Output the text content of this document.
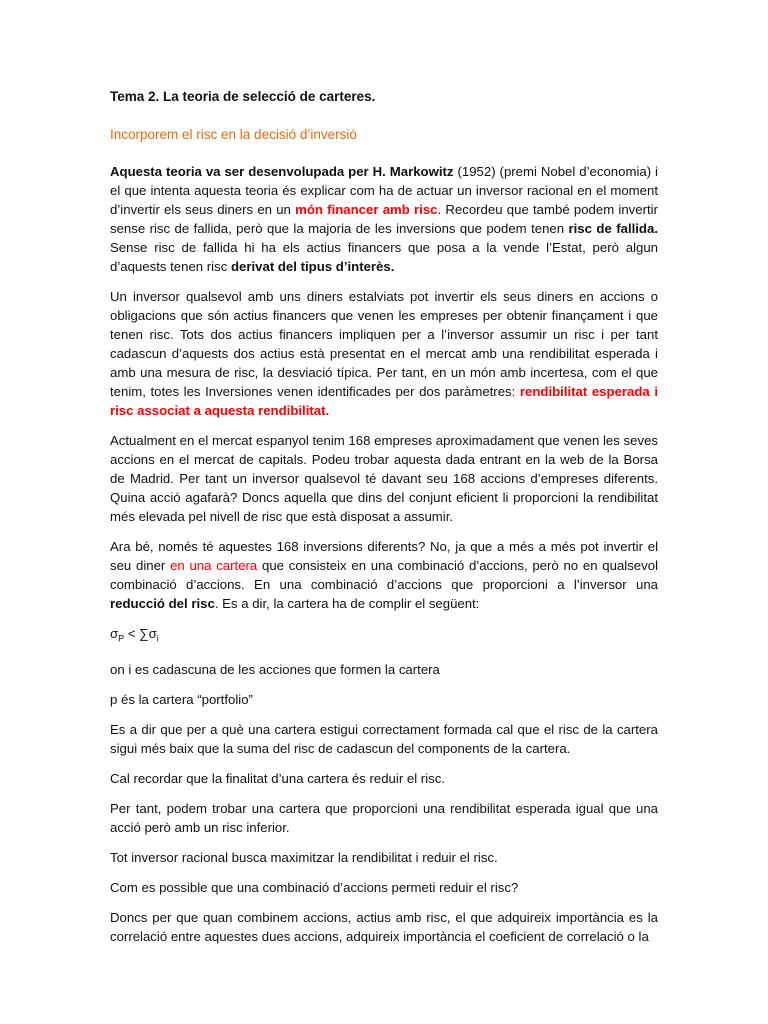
Tema 2. La teoria de selecció de carteres.
Incorporem el risc en la decisió d’inversió

Aquesta teoria va ser desenvolupada per H. Markowitz (1952) (premi Nobel d’economia) i el que intenta aquesta teoria és explicar com ha de actuar un inversor racional en el moment d’invertir els seus diners en un món financer amb risc. Recordeu que també podem invertir sense risc de fallida, però que la majoria de les inversions que podem tenen risc de fallida. Sense risc de fallida hi ha els actius financers que posa a la vende l’Estat, però algun d’aquests tenen risc derivat del tipus d’interès.

Un inversor qualsevol amb uns diners estalviats pot invertir els seus diners en accions o obligacions que són actius financers que venen les empreses per obtenir finançament i que tenen risc. Tots dos actius financers impliquen per a l’inversor assumir un risc i per tant cadascun d’aquests dos actius està presentat en el mercat amb una rendibilitat esperada i amb una mesura de risc, la desviació típica. Per tant, en un món amb incertesa, com el que tenim, totes les Inversiones venen identificades per dos paràmetres: rendibilitat esperada i risc associat a aquesta rendibilitat.

Actualment en el mercat espanyol tenim 168 empreses aproximadament que venen les seves accions en el mercat de capitals. Podeu trobar aquesta dada entrant en la web de la Borsa de Madrid. Per tant un inversor qualsevol té davant seu 168 accions d’empreses diferents. Quina acció agafarà? Doncs aquella que dins del conjunt eficient li proporcioni la rendibilitat més elevada pel nivell de risc que està disposat a assumir.

Ara bé, només té aquestes 168 inversions diferents? No, ja que a més a més pot invertir el seu diner en una cartera que consisteix en una combinació d’accions, però no en qualsevol combinació d’accions. En una combinació d’accions que proporcioni a l’inversor una reducció del risc. Es a dir, la cartera ha de complir el següent:

$\sigma_P < \sum\sigma_i$

on i es cadascuna de les acciones que formen la cartera

p és la cartera “portfolio”

Es a dir que per a què una cartera estigui correctament formada cal que el risc de la cartera sigui més baix que la suma del risc de cadascun del components de la cartera.

Cal recordar que la finalitat d’una cartera és reduir el risc.

Per tant, podem trobar una cartera que proporcioni una rendibilitat esperada igual que una acció però amb un risc inferior.

Tot inversor racional busca maximitzar la rendibilitat i reduir el risc.

Com es possible que una combinació d’accions permeti reduir el risc?

Doncs per que quan combinem accions, actius amb risc, el que adquireix importància es la correlació entre aquestes dues accions, adquireix importància el coeficient de correlació o la
